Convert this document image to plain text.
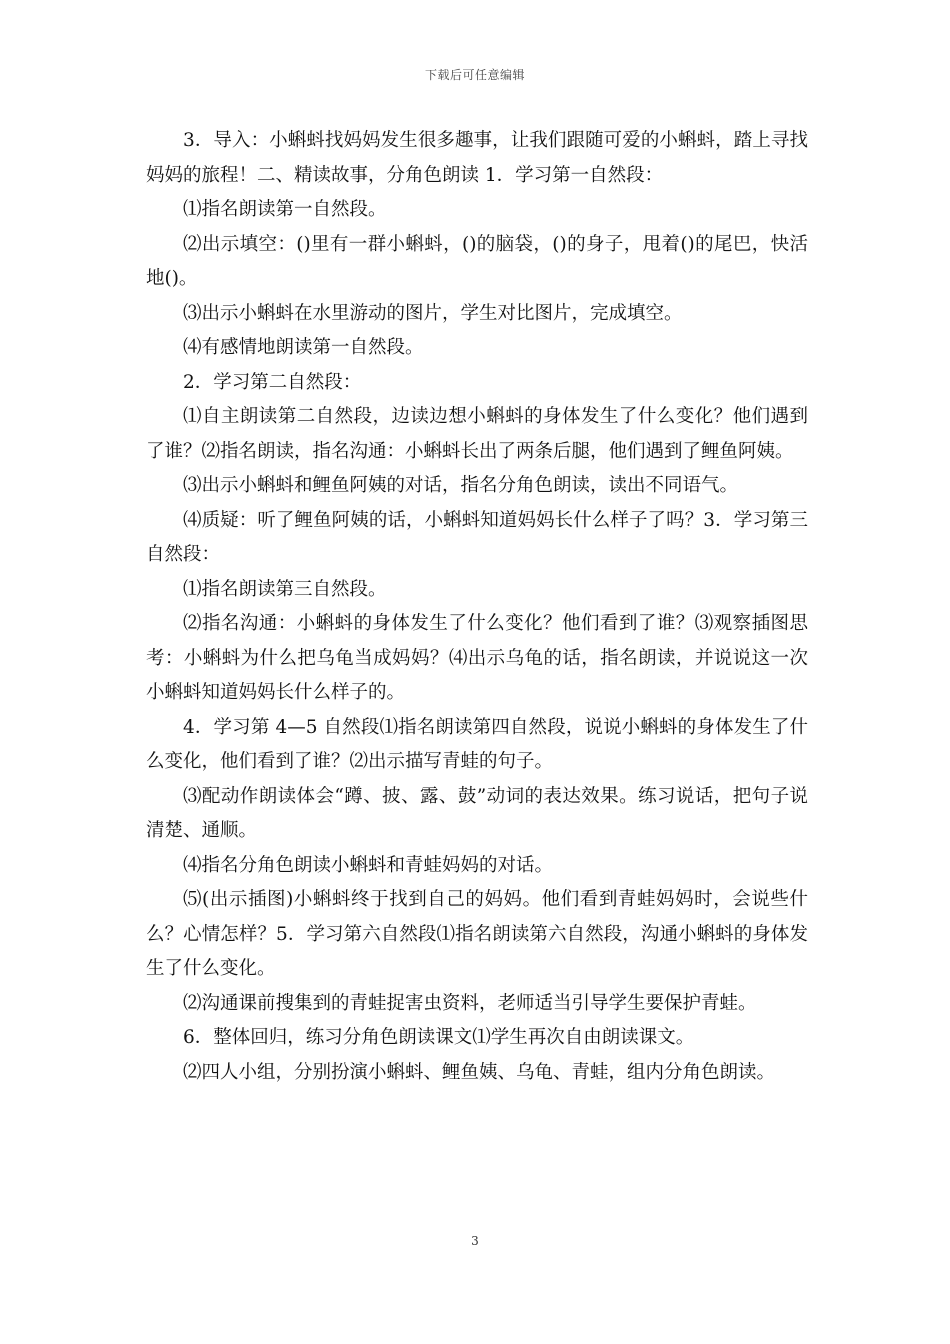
下载后可任意编辑

3．导入：小蝌蚪找妈妈发生很多趣事，让我们跟随可爱的小蝌蚪，踏上寻找妈妈的旅程！二、精读故事，分角色朗读 1．学习第一自然段：

⑴指名朗读第一自然段。

⑵出示填空：()里有一群小蝌蚪，()的脑袋，()的身子，甩着()的尾巴，快活地()。

⑶出示小蝌蚪在水里游动的图片，学生对比图片，完成填空。

⑷有感情地朗读第一自然段。

2．学习第二自然段：

⑴自主朗读第二自然段，边读边想小蝌蚪的身体发生了什么变化？他们遇到了谁？⑵指名朗读，指名沟通：小蝌蚪长出了两条后腿，他们遇到了鲤鱼阿姨。

⑶出示小蝌蚪和鲤鱼阿姨的对话，指名分角色朗读，读出不同语气。

⑷质疑：听了鲤鱼阿姨的话，小蝌蚪知道妈妈长什么样子了吗？3．学习第三自然段：

⑴指名朗读第三自然段。

⑵指名沟通：小蝌蚪的身体发生了什么变化？他们看到了谁？⑶观察插图思考：小蝌蚪为什么把乌龟当成妈妈？⑷出示乌龟的话，指名朗读，并说说这一次小蝌蚪知道妈妈长什么样子的。

4．学习第 4—5 自然段⑴指名朗读第四自然段，说说小蝌蚪的身体发生了什么变化，他们看到了谁？⑵出示描写青蛙的句子。

⑶配动作朗读体会“蹲、披、露、鼓”动词的表达效果。练习说话，把句子说清楚、通顺。

⑷指名分角色朗读小蝌蚪和青蛙妈妈的对话。

⑸(出示插图)小蝌蚪终于找到自己的妈妈。他们看到青蛙妈妈时，会说些什么？心情怎样？5．学习第六自然段⑴指名朗读第六自然段，沟通小蝌蚪的身体发生了什么变化。

⑵沟通课前搜集到的青蛙捉害虫资料，老师适当引导学生要保护青蛙。

6．整体回归，练习分角色朗读课文⑴学生再次自由朗读课文。

⑵四人小组，分别扮演小蝌蚪、鲤鱼姨、乌龟、青蛙，组内分角色朗读。

3
